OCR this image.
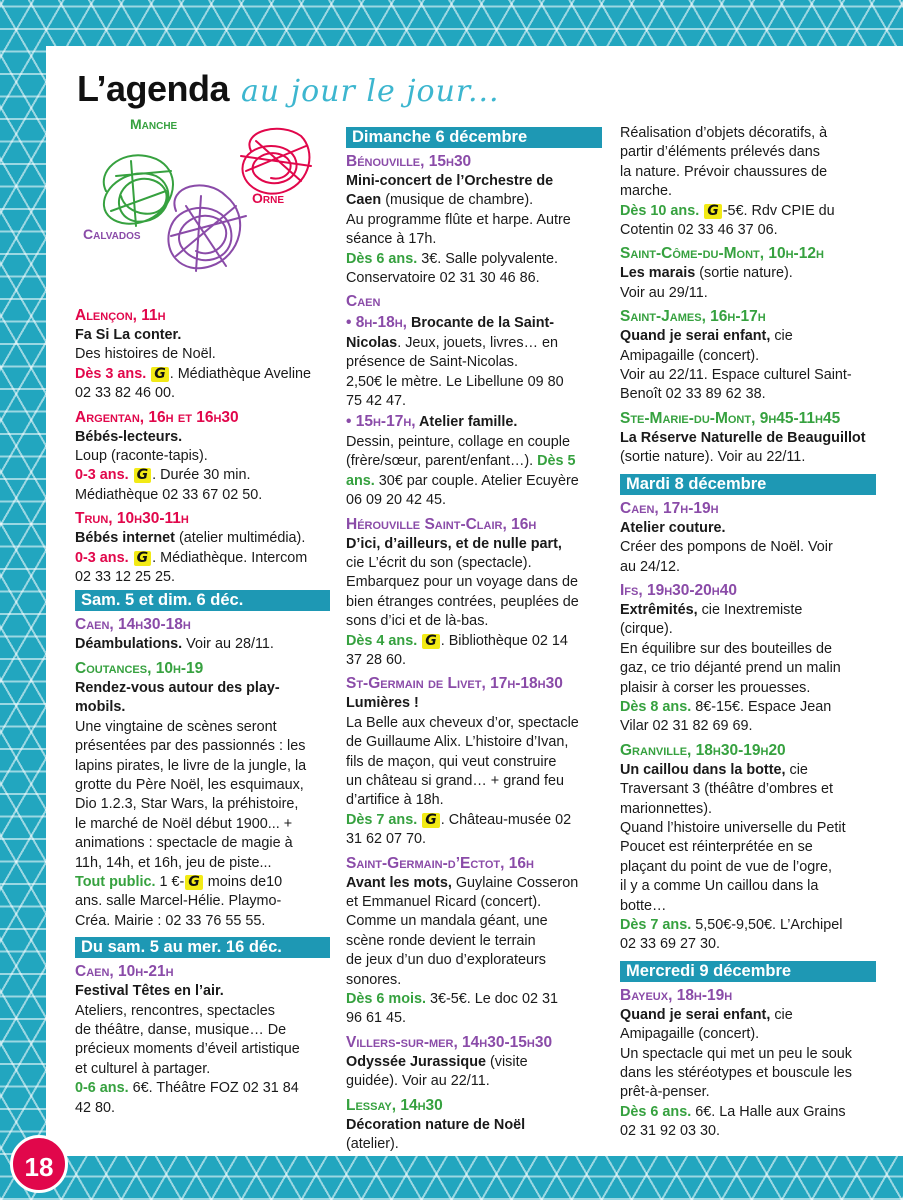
L’agenda au jour le jour...
Manche
Orne
Calvados
Alençon, 11h
Fa Si La conter.
Des histoires de Noël.
Dès 3 ans. G . Médiathèque Aveline
02 33 82 46 00.
Argentan, 16h et 16h30
Bébés-lecteurs.
Loup (raconte-tapis).
0-3 ans. G . Durée 30 min.
Médiathèque 02 33 67 02 50.
Trun, 10h30-11h
Bébés internet (atelier multimédia).
0-3 ans. G . Médiathèque. Intercom
02 33 12 25 25.
Sam. 5 et dim. 6 déc.
Caen, 14h30-18h
Déambulations. Voir au 28/11.
Coutances, 10h-19
Rendez-vous autour des play-
mobils.
Une vingtaine de scènes seront
présentées par des passionnés : les
lapins pirates, le livre de la jungle, la
grotte du Père Noël, les esquimaux,
Dio 1.2.3, Star Wars, la préhistoire,
le marché de Noël début 1900... +
animations : spectacle de magie à
11h, 14h, et 16h, jeu de piste...
Tout public. 1 €- G moins de10
ans. salle Marcel-Hélie. Playmo-
Créa. Mairie : 02 33 76 55 55.
Du sam. 5 au mer. 16 déc.
Caen, 10h-21h
Festival Têtes en l’air.
Ateliers, rencontres, spectacles
de théâtre, danse, musique… De
précieux moments d’éveil artistique
et culturel à partager.
0-6 ans. 6€. Théâtre FOZ 02 31 84
42 80.
Dimanche 6 décembre
Bénouville, 15h30
Mini-concert de l’Orchestre de
Caen (musique de chambre).
Au programme flûte et harpe. Autre
séance à 17h.
Dès 6 ans. 3€. Salle polyvalente.
Conservatoire 02 31 30 46 86.
Caen
• 8h-18h, Brocante de la Saint-
Nicolas. Jeux, jouets, livres… en
présence de Saint-Nicolas.
2,50€ le mètre. Le Libellune 09 80
75 42 47.
• 15h-17h, Atelier famille.
Dessin, peinture, collage en couple
(frère/sœur, parent/enfant…). Dès 5
ans. 30€ par couple. Atelier Ecuyère
06 09 20 42 45.
Hérouville Saint-Clair, 16h
D’ici, d’ailleurs, et de nulle part,
cie L’écrit du son (spectacle).
Embarquez pour un voyage dans de
bien étranges contrées, peuplées de
sons d’ici et de là-bas.
Dès 4 ans. G . Bibliothèque 02 14
37 28 60.
St-Germain de Livet, 17h-18h30
Lumières !
La Belle aux cheveux d’or, spectacle
de Guillaume Alix. L’histoire d’Ivan,
fils de maçon, qui veut construire
un château si grand… + grand feu
d’artifice à 18h.
Dès 7 ans. G . Château-musée 02
31 62 07 70.
Saint-Germain-d’Ectot, 16h
Avant les mots, Guylaine Cosseron
et Emmanuel Ricard (concert).
Comme un mandala géant, une
scène ronde devient le terrain
de jeux d’un duo d’explorateurs
sonores.
Dès 6 mois. 3€-5€. Le doc 02 31
96 61 45.
Villers-sur-mer, 14h30-15h30
Odyssée Jurassique (visite
guidée). Voir au 22/11.
Lessay, 14h30
Décoration nature de Noël
(atelier).
Réalisation d’objets décoratifs, à
partir d’éléments prélevés dans
la nature. Prévoir chaussures de
marche.
Dès 10 ans. G -5€. Rdv CPIE du
Cotentin 02 33 46 37 06.
Saint-Côme-du-Mont, 10h-12h
Les marais (sortie nature).
Voir au 29/11.
Saint-James, 16h-17h
Quand je serai enfant, cie
Amipagaille (concert).
Voir au 22/11. Espace culturel Saint-
Benoît 02 33 89 62 38.
Ste-Marie-du-Mont, 9h45-11h45
La Réserve Naturelle de Beauguillot
(sortie nature). Voir au 22/11.
Mardi 8 décembre
Caen, 17h-19h
Atelier couture.
Créer des pompons de Noël. Voir
au 24/12.
Ifs, 19h30-20h40
Extrêmités, cie Inextremiste
(cirque).
En équilibre sur des bouteilles de
gaz, ce trio déjanté prend un malin
plaisir à corser les prouesses.
Dès 8 ans. 8€-15€. Espace Jean
Vilar 02 31 82 69 69.
Granville, 18h30-19h20
Un caillou dans la botte, cie
Traversant 3 (théâtre d’ombres et
marionnettes).
Quand l’histoire universelle du Petit
Poucet est réinterprétée en se
plaçant du point de vue de l’ogre,
il y a comme Un caillou dans la
botte…
Dès 7 ans. 5,50€-9,50€. L’Archipel
02 33 69 27 30.
Mercredi 9 décembre
Bayeux, 18h-19h
Quand je serai enfant, cie
Amipagaille (concert).
Un spectacle qui met un peu le souk
dans les stéréotypes et bouscule les
prêt-à-penser.
Dès 6 ans. 6€. La Halle aux Grains
02 31 92 03 30.
18
